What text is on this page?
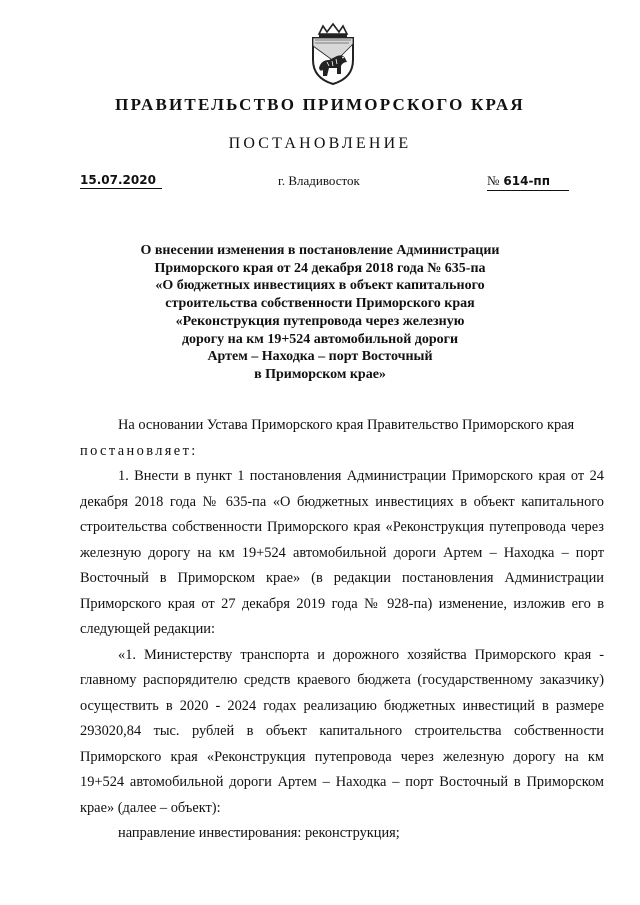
ПРАВИТЕЛЬСТВО ПРИМОРСКОГО КРАЯ
ПОСТАНОВЛЕНИЕ
15.07.2020	г. Владивосток	№ 614-пп
О внесении изменения в постановление Администрации
Приморского края от 24 декабря 2018 года № 635-па
«О бюджетных инвестициях в объект капитального
строительства собственности Приморского края
«Реконструкция путепровода через железную
дорогу на км 19+524 автомобильной дороги
Артем – Находка – порт Восточный
в Приморском крае»

На основании Устава Приморского края Правительство Приморского края

постановляет:

1. Внести в пункт 1 постановления Администрации Приморского края от 24 декабря 2018 года № 635-па «О бюджетных инвестициях в объект капитального строительства собственности Приморского края «Реконструкция путепровода через железную дорогу на км 19+524 автомобильной дороги Артем – Находка – порт Восточный в Приморском крае» (в редакции постановления Администрации Приморского края от 27 декабря 2019 года № 928-па) изменение, изложив его в следующей редакции:

«1. Министерству транспорта и дорожного хозяйства Приморского края - главному распорядителю средств краевого бюджета (государственному заказчику) осуществить в 2020 - 2024 годах реализацию бюджетных инвестиций в размере 293020,84 тыс. рублей в объект капитального строительства собственности Приморского края «Реконструкция путепровода через железную дорогу на км 19+524 автомобильной дороги Артем – Находка – порт Восточный в Приморском крае» (далее – объект):

направление инвестирования: реконструкция;
